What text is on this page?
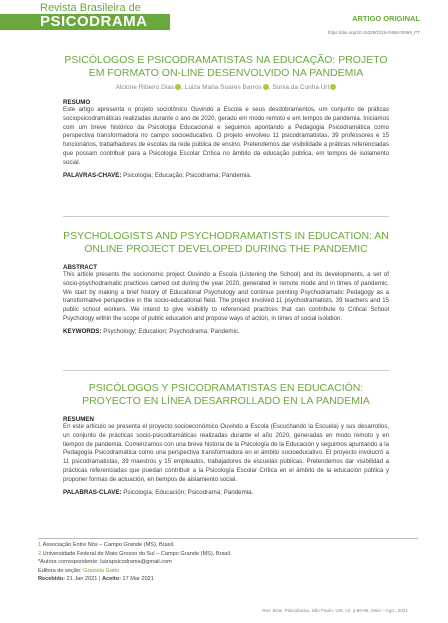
Revista Brasileira de
PSICODRAMA	ARTIGO ORIGINAL
https://doi.org/10.15329/2318-0498.00469_PT
PSICÓLOGOS E PSICODRAMATISTAS NA EDUCAÇÃO: PROJETO EM FORMATO ON-LINE DESENVOLVIDO NA PANDEMIA
Alcione Ribeiro Dias , Luiza Maria Soares Barros , Sonia da Cunha Urt
RESUMO
Este artigo apresenta o projeto sociotônico Ouvindo a Escola e seus desdobramentos, um conjunto de práticas sociopsicodramáticas realizadas durante o ano de 2020, gerado em modo remoto e em tempos de pandemia. Iniciamos com um breve histórico da Psicologia Educacional e seguimos apontando a Pedagogia Psicodramática como perspectiva transformadora no campo socioeducativo. O projeto envolveu 11 psicodramatistas, 39 professores e 15 funcionários, trabalhadores de escolas da rede pública de ensino. Pretendemos dar visibilidade a práticas referenciadas que possam contribuir para a Psicologia Escolar Crítica no âmbito da educação pública, em tempos de isolamento social.
PALAVRAS-CHAVE: Psicologia; Educação; Psicodrama; Pandemia.
PSYCHOLOGISTS AND PSYCHODRAMATISTS IN EDUCATION: AN ONLINE PROJECT DEVELOPED DURING THE PANDEMIC
ABSTRACT
This article presents the socionomic project Ouvindo a Escola (Listening the School) and its developments, a set of socio-psychodramatic practices carried out during the year 2020, generated in remote mode and in times of pandemic. We start by making a brief history of Educational Psychology and continue pointing Psychodramatic Pedagogy as a transformative perspective in the socio-educational field. The project involved 11 psychodramatists, 39 teachers and 15 public school workers. We intend to give visibility to referenced practices that can contribute to Critical School Psychology within the scope of public education and propose ways of action, in times of social isolation.
KEYWORDS: Psychology; Education; Psychodrama; Pandemic.
PSICÓLOGOS Y PSICODRAMATISTAS EN EDUCACIÓN: PROYECTO EN LÍNEA DESARROLLADO EN LA PANDEMIA
RESUMEN
En este artículo se presenta el proyecto socioeconómico Ouvindo a Escola (Escuchando la Escuela) y sus desarrollos, un conjunto de prácticas socio-psicodramáticas realizadas durante el año 2020, generadas en modo remoto y en tiempos de pandemia. Comenzamos con una breve historia de la Psicología de la Educación y seguimos apuntando a la Pedagogía Psicodramática como una perspectiva transformadora en el ámbito socioeducativo. El proyecto involucró a 11 psicodramatistas, 39 maestros y 15 empleados, trabajadores de escuelas públicas. Pretendemos dar visibilidad a prácticas referenciadas que puedan contribuir a la Psicología Escolar Crítica en el ámbito de la educación pública y proponer formas de actuación, en tiempos de aislamiento social.
PALABRAS-CLAVE: Psicología; Educación; Psicodrama; Pandemia.
1.Associação Entre Nós – Campo Grande (MS), Brasil.
2.Universidade Federal de Mato Grosso do Sul – Campo Grande (MS), Brasil.
*Autora correspondente: luizapsicodrama@gmail.com
Editora de seção: Graziela Gatto
Recebido: 21 Jan 2021 | Aceito: 17 Mar 2021
Rev. Bras. Psicodrama, São Paulo, v29, n2, p.86-98, Maio – Ago., 2021
